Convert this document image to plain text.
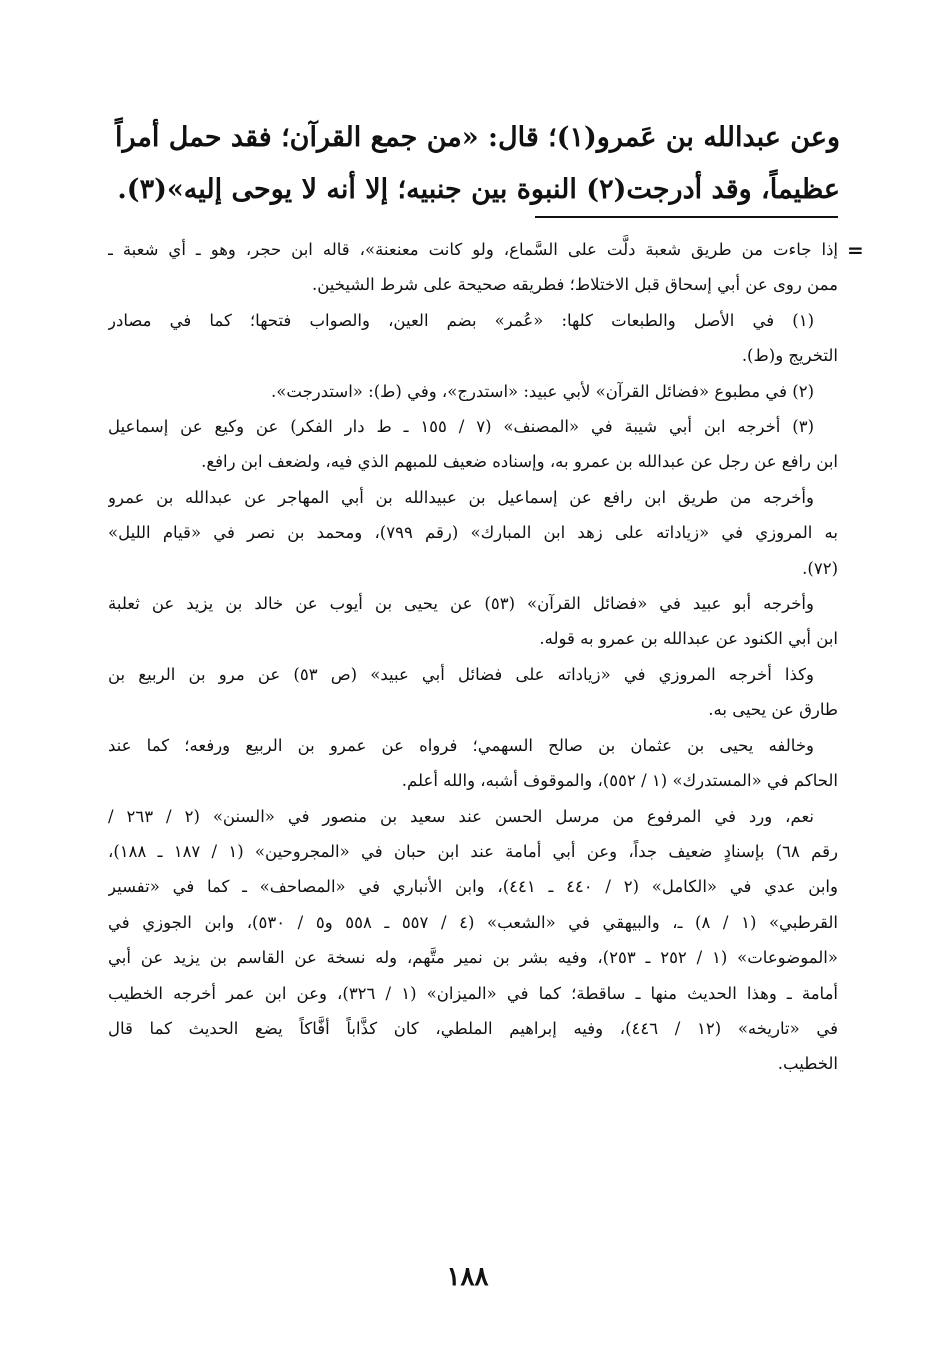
وعن عبدالله بن عَمرو(١)؛ قال: «من جمع القرآن؛ فقد حمل أمراً
عظيماً، وقد أدرجت(٢) النبوة بين جنبيه؛ إلا أنه لا يوحى إليه»(٣).
=
إذا جاءت من طريق شعبة دلَّت على السَّماع، ولو كانت معنعنة»، قاله ابن حجر، وهو ـ أي شعبة ـ
ممن روى عن أبي إسحاق قبل الاختلاط؛ فطريقه صحيحة على شرط الشيخين.
(١) في الأصل والطبعات كلها: «عُمر» بضم العين، والصواب فتحها؛ كما في مصادر
التخريج و(ط).
(٢) في مطبوع «فضائل القرآن» لأبي عبيد: «استدرج»، وفي (ط): «استدرجت».
(٣) أخرجه ابن أبي شيبة في «المصنف» (٧ / ١٥٥ ـ ط دار الفكر) عن وكيع عن إسماعيل
ابن رافع عن رجل عن عبدالله بن عمرو به، وإسناده ضعيف للمبهم الذي فيه، ولضعف ابن رافع.
وأخرجه من طريق ابن رافع عن إسماعيل بن عبيدالله بن أبي المهاجر عن عبدالله بن عمرو
به المروزي في «زياداته على زهد ابن المبارك» (رقم ٧٩٩)، ومحمد بن نصر في «قيام الليل»
(٧٢).
وأخرجه أبو عبيد في «فضائل القرآن» (٥٣) عن يحيى بن أيوب عن خالد بن يزيد عن ثعلبة
ابن أبي الكنود عن عبدالله بن عمرو به قوله.
وكذا أخرجه المروزي في «زياداته على فضائل أبي عبيد» (ص ٥٣) عن مرو بن الربيع بن
طارق عن يحيى به.
وخالفه يحيى بن عثمان بن صالح السهمي؛ فرواه عن عمرو بن الربيع ورفعه؛ كما عند
الحاكم في «المستدرك» (١ / ٥٥٢)، والموقوف أشبه، والله أعلم.
نعم، ورد في المرفوع من مرسل الحسن عند سعيد بن منصور في «السنن» (٢ / ٢٦٣ /
رقم ٦٨) بإسنادٍ ضعيف جداً، وعن أبي أمامة عند ابن حبان في «المجروحين» (١ / ١٨٧ ـ ١٨٨)،
وابن عدي في «الكامل» (٢ / ٤٤٠ ـ ٤٤١)، وابن الأنباري في «المصاحف» ـ كما في «تفسير
القرطبي» (١ / ٨) ـ، والبيهقي في «الشعب» (٤ / ٥٥٧ ـ ٥٥٨ و٥ / ٥٣٠)، وابن الجوزي في
«الموضوعات» (١ / ٢٥٢ ـ ٢٥٣)، وفيه بشر بن نمير متَّهم، وله نسخة عن القاسم بن يزيد عن أبي
أمامة ـ وهذا الحديث منها ـ ساقطة؛ كما في «الميزان» (١ / ٣٢٦)، وعن ابن عمر أخرجه الخطيب
في «تاريخه» (١٢ / ٤٤٦)، وفيه إبراهيم الملطي، كان كذَّاباً أفَّاكاً يضع الحديث كما قال
الخطيب.
١٨٨
